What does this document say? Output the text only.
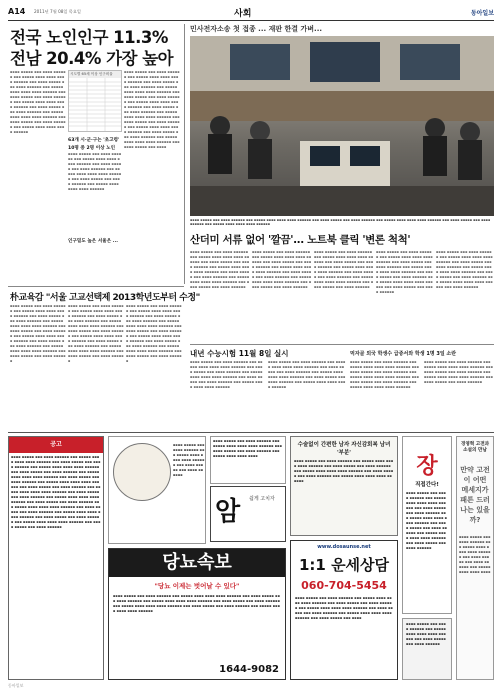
A14 2011년 7월 08일 목요일	사회	동아일보
전국 노인인구 11.3%
전남 20.4% 가장 높아
▪▪▪▪ ▪▪▪▪▪ ▪▪▪ ▪▪▪▪ ▪▪▪▪▪▪ ▪▪▪ ▪▪▪▪▪ ▪▪▪▪ ▪▪▪▪ ▪▪▪▪ ▪▪▪▪▪▪ ▪▪▪ ▪▪▪▪ ▪▪▪▪▪ ▪▪▪ ▪▪▪▪ ▪▪▪▪▪▪ ▪▪▪ ▪▪▪▪▪ ▪▪▪▪ ▪▪▪▪ ▪▪▪▪ ▪▪▪▪▪▪ ▪▪▪ ▪▪▪▪ ▪▪▪▪▪ ▪▪▪ ▪▪▪▪ ▪▪▪▪▪▪ ▪▪▪ ▪▪▪▪▪ ▪▪▪▪ ▪▪▪▪ ▪▪▪▪ ▪▪▪▪▪▪ ▪▪▪ ▪▪▪▪ ▪▪▪▪▪ ▪▪▪ ▪▪▪▪ ▪▪▪▪▪▪ ▪▪▪ ▪▪▪▪▪ ▪▪▪▪ ▪▪▪▪ ▪▪▪▪ ▪▪▪▪▪▪ ▪▪▪ ▪▪▪▪ ▪▪▪▪▪ ▪▪▪ ▪▪▪▪ ▪▪▪▪▪▪ ▪▪▪ ▪▪▪▪▪ ▪▪▪▪ ▪▪▪▪ ▪▪▪▪ ▪▪▪▪▪▪
▪▪▪▪ ▪▪▪▪▪ ▪▪▪ ▪▪▪▪ ▪▪▪▪▪▪ ▪▪▪ ▪▪▪▪▪ ▪▪▪▪ ▪▪▪▪ ▪▪▪▪ ▪▪▪▪▪▪ ▪▪▪ ▪▪▪▪ ▪▪▪▪▪ ▪▪▪ ▪▪▪▪ ▪▪▪▪▪▪ ▪▪▪ ▪▪▪▪▪ ▪▪▪▪ ▪▪▪▪ ▪▪▪▪ ▪▪▪▪▪▪ ▪▪▪ ▪▪▪▪ ▪▪▪▪▪ ▪▪▪ ▪▪▪▪ ▪▪▪▪▪▪ ▪▪▪ ▪▪▪▪▪ ▪▪▪▪ ▪▪▪▪ ▪▪▪▪ ▪▪▪▪▪▪
시도별 65세 이상 인구비율
63개 시·군·구는 '초고령'
10명 중 2명 이상 노인
인구밀도 높은 서울은 ...
▪▪▪▪ ▪▪▪▪▪ ▪▪▪ ▪▪▪▪ ▪▪▪▪▪▪ ▪▪▪ ▪▪▪▪▪ ▪▪▪▪ ▪▪▪▪ ▪▪▪▪ ▪▪▪▪▪▪ ▪▪▪ ▪▪▪▪ ▪▪▪▪▪ ▪▪▪ ▪▪▪▪ ▪▪▪▪▪▪ ▪▪▪ ▪▪▪▪▪ ▪▪▪▪ ▪▪▪▪ ▪▪▪▪ ▪▪▪▪▪▪ ▪▪▪ ▪▪▪▪ ▪▪▪▪▪ ▪▪▪ ▪▪▪▪ ▪▪▪▪▪▪ ▪▪▪ ▪▪▪▪▪ ▪▪▪▪ ▪▪▪▪ ▪▪▪▪ ▪▪▪▪▪▪ ▪▪▪ ▪▪▪▪ ▪▪▪▪▪ ▪▪▪ ▪▪▪▪ ▪▪▪▪▪▪ ▪▪▪ ▪▪▪▪▪ ▪▪▪▪ ▪▪▪▪ ▪▪▪▪ ▪▪▪▪▪▪ ▪▪▪ ▪▪▪▪ ▪▪▪▪▪ ▪▪▪ ▪▪▪▪ ▪▪▪▪▪▪ ▪▪▪ ▪▪▪▪▪ ▪▪▪▪ ▪▪▪▪ ▪▪▪▪ ▪▪▪▪▪▪ ▪▪▪ ▪▪▪▪ ▪▪▪▪▪ ▪▪▪ ▪▪▪▪ ▪▪▪▪▪▪ ▪▪▪ ▪▪▪▪▪ ▪▪▪▪ ▪▪▪▪ ▪▪▪▪ ▪▪▪▪▪▪ ▪▪▪ ▪▪▪▪ ▪▪▪▪▪ ▪▪▪ ▪▪▪▪
민사전자소송 첫 접종 ... 재판 한결 가벼...
▪▪▪▪ ▪▪▪▪▪ ▪▪▪ ▪▪▪▪ ▪▪▪▪▪▪ ▪▪▪ ▪▪▪▪▪ ▪▪▪▪ ▪▪▪▪ ▪▪▪▪ ▪▪▪▪▪▪ ▪▪▪ ▪▪▪▪ ▪▪▪▪▪ ▪▪▪ ▪▪▪▪ ▪▪▪▪▪▪ ▪▪▪ ▪▪▪▪▪ ▪▪▪▪ ▪▪▪▪ ▪▪▪▪ ▪▪▪▪▪▪ ▪▪▪ ▪▪▪▪ ▪▪▪▪▪ ▪▪▪ ▪▪▪▪ ▪▪▪▪▪▪ ▪▪▪ ▪▪▪▪▪ ▪▪▪▪ ▪▪▪▪ ▪▪▪▪ ▪▪▪▪▪▪
산더미 서류 없어 '깔끔'... 노트북 클릭 '변론 척척'
▪▪▪▪ ▪▪▪▪▪ ▪▪▪ ▪▪▪▪ ▪▪▪▪▪▪ ▪▪▪ ▪▪▪▪▪ ▪▪▪▪ ▪▪▪▪ ▪▪▪▪ ▪▪▪▪▪▪ ▪▪▪ ▪▪▪▪ ▪▪▪▪▪ ▪▪▪ ▪▪▪▪ ▪▪▪▪▪▪ ▪▪▪ ▪▪▪▪▪ ▪▪▪▪ ▪▪▪▪ ▪▪▪▪ ▪▪▪▪▪▪ ▪▪▪ ▪▪▪▪ ▪▪▪▪▪ ▪▪▪ ▪▪▪▪ ▪▪▪▪▪▪ ▪▪▪ ▪▪▪▪▪ ▪▪▪▪ ▪▪▪▪ ▪▪▪▪ ▪▪▪▪▪▪ ▪▪▪ ▪▪▪▪ ▪▪▪▪▪ ▪▪▪ ▪▪▪▪ ▪▪▪▪▪▪
▪▪▪▪ ▪▪▪▪▪ ▪▪▪ ▪▪▪▪ ▪▪▪▪▪▪ ▪▪▪ ▪▪▪▪▪ ▪▪▪▪ ▪▪▪▪ ▪▪▪▪ ▪▪▪▪▪▪ ▪▪▪ ▪▪▪▪ ▪▪▪▪▪ ▪▪▪ ▪▪▪▪ ▪▪▪▪▪▪ ▪▪▪ ▪▪▪▪▪ ▪▪▪▪ ▪▪▪▪ ▪▪▪▪ ▪▪▪▪▪▪ ▪▪▪ ▪▪▪▪ ▪▪▪▪▪ ▪▪▪ ▪▪▪▪ ▪▪▪▪▪▪ ▪▪▪ ▪▪▪▪▪ ▪▪▪▪ ▪▪▪▪ ▪▪▪▪ ▪▪▪▪▪▪ ▪▪▪ ▪▪▪▪ ▪▪▪▪▪ ▪▪▪ ▪▪▪▪ ▪▪▪▪▪▪
▪▪▪▪ ▪▪▪▪▪ ▪▪▪ ▪▪▪▪ ▪▪▪▪▪▪ ▪▪▪ ▪▪▪▪▪ ▪▪▪▪ ▪▪▪▪ ▪▪▪▪ ▪▪▪▪▪▪ ▪▪▪ ▪▪▪▪ ▪▪▪▪▪ ▪▪▪ ▪▪▪▪ ▪▪▪▪▪▪ ▪▪▪ ▪▪▪▪▪ ▪▪▪▪ ▪▪▪▪ ▪▪▪▪ ▪▪▪▪▪▪ ▪▪▪ ▪▪▪▪ ▪▪▪▪▪ ▪▪▪ ▪▪▪▪ ▪▪▪▪▪▪ ▪▪▪ ▪▪▪▪▪ ▪▪▪▪ ▪▪▪▪ ▪▪▪▪ ▪▪▪▪▪▪ ▪▪▪ ▪▪▪▪ ▪▪▪▪▪ ▪▪▪ ▪▪▪▪ ▪▪▪▪▪▪
▪▪▪▪ ▪▪▪▪▪ ▪▪▪ ▪▪▪▪ ▪▪▪▪▪▪ ▪▪▪ ▪▪▪▪▪ ▪▪▪▪ ▪▪▪▪ ▪▪▪▪ ▪▪▪▪▪▪ ▪▪▪ ▪▪▪▪ ▪▪▪▪▪ ▪▪▪ ▪▪▪▪ ▪▪▪▪▪▪ ▪▪▪ ▪▪▪▪▪ ▪▪▪▪ ▪▪▪▪ ▪▪▪▪ ▪▪▪▪▪▪ ▪▪▪ ▪▪▪▪ ▪▪▪▪▪ ▪▪▪ ▪▪▪▪ ▪▪▪▪▪▪ ▪▪▪ ▪▪▪▪▪ ▪▪▪▪ ▪▪▪▪ ▪▪▪▪ ▪▪▪▪▪▪ ▪▪▪ ▪▪▪▪ ▪▪▪▪▪ ▪▪▪ ▪▪▪▪ ▪▪▪▪▪▪
▪▪▪▪ ▪▪▪▪▪ ▪▪▪ ▪▪▪▪ ▪▪▪▪▪▪ ▪▪▪ ▪▪▪▪▪ ▪▪▪▪ ▪▪▪▪ ▪▪▪▪ ▪▪▪▪▪▪ ▪▪▪ ▪▪▪▪ ▪▪▪▪▪ ▪▪▪ ▪▪▪▪ ▪▪▪▪▪▪ ▪▪▪ ▪▪▪▪▪ ▪▪▪▪ ▪▪▪▪ ▪▪▪▪ ▪▪▪▪▪▪ ▪▪▪ ▪▪▪▪ ▪▪▪▪▪ ▪▪▪ ▪▪▪▪ ▪▪▪▪▪▪ ▪▪▪ ▪▪▪▪▪ ▪▪▪▪ ▪▪▪▪ ▪▪▪▪ ▪▪▪▪▪▪ ▪▪▪ ▪▪▪▪ ▪▪▪▪▪▪
朴교육감 "서울 고교선택제 2013학년도부터 수정"
▪▪▪▪ ▪▪▪▪▪ ▪▪▪ ▪▪▪▪ ▪▪▪▪▪▪ ▪▪▪ ▪▪▪▪▪ ▪▪▪▪ ▪▪▪▪ ▪▪▪▪ ▪▪▪▪▪▪ ▪▪▪ ▪▪▪▪ ▪▪▪▪▪ ▪▪▪ ▪▪▪▪ ▪▪▪▪▪▪ ▪▪▪ ▪▪▪▪▪ ▪▪▪▪ ▪▪▪▪ ▪▪▪▪ ▪▪▪▪▪▪ ▪▪▪ ▪▪▪▪ ▪▪▪▪▪ ▪▪▪ ▪▪▪▪ ▪▪▪▪▪▪ ▪▪▪ ▪▪▪▪▪ ▪▪▪▪ ▪▪▪▪ ▪▪▪▪ ▪▪▪▪▪▪ ▪▪▪ ▪▪▪▪ ▪▪▪▪▪ ▪▪▪ ▪▪▪▪ ▪▪▪▪▪▪ ▪▪▪ ▪▪▪▪▪ ▪▪▪▪ ▪▪▪▪ ▪▪▪▪ ▪▪▪▪▪▪ ▪▪▪ ▪▪▪▪ ▪▪▪▪▪ ▪▪▪ ▪▪▪▪ ▪▪▪▪▪▪
▪▪▪▪ ▪▪▪▪▪ ▪▪▪ ▪▪▪▪ ▪▪▪▪▪▪ ▪▪▪ ▪▪▪▪▪ ▪▪▪▪ ▪▪▪▪ ▪▪▪▪ ▪▪▪▪▪▪ ▪▪▪ ▪▪▪▪ ▪▪▪▪▪ ▪▪▪ ▪▪▪▪ ▪▪▪▪▪▪ ▪▪▪ ▪▪▪▪▪ ▪▪▪▪ ▪▪▪▪ ▪▪▪▪ ▪▪▪▪▪▪ ▪▪▪ ▪▪▪▪ ▪▪▪▪▪ ▪▪▪ ▪▪▪▪ ▪▪▪▪▪▪ ▪▪▪ ▪▪▪▪▪ ▪▪▪▪ ▪▪▪▪ ▪▪▪▪ ▪▪▪▪▪▪ ▪▪▪ ▪▪▪▪ ▪▪▪▪▪ ▪▪▪ ▪▪▪▪ ▪▪▪▪▪▪ ▪▪▪ ▪▪▪▪▪ ▪▪▪▪ ▪▪▪▪ ▪▪▪▪ ▪▪▪▪▪▪ ▪▪▪ ▪▪▪▪ ▪▪▪▪▪ ▪▪▪ ▪▪▪▪ ▪▪▪▪▪▪
▪▪▪▪ ▪▪▪▪▪ ▪▪▪ ▪▪▪▪ ▪▪▪▪▪▪ ▪▪▪ ▪▪▪▪▪ ▪▪▪▪ ▪▪▪▪ ▪▪▪▪ ▪▪▪▪▪▪ ▪▪▪ ▪▪▪▪ ▪▪▪▪▪ ▪▪▪ ▪▪▪▪ ▪▪▪▪▪▪ ▪▪▪ ▪▪▪▪▪ ▪▪▪▪ ▪▪▪▪ ▪▪▪▪ ▪▪▪▪▪▪ ▪▪▪ ▪▪▪▪ ▪▪▪▪▪ ▪▪▪ ▪▪▪▪ ▪▪▪▪▪▪ ▪▪▪ ▪▪▪▪▪ ▪▪▪▪ ▪▪▪▪ ▪▪▪▪ ▪▪▪▪▪▪ ▪▪▪ ▪▪▪▪ ▪▪▪▪▪ ▪▪▪ ▪▪▪▪ ▪▪▪▪▪▪ ▪▪▪ ▪▪▪▪▪ ▪▪▪▪ ▪▪▪▪ ▪▪▪▪ ▪▪▪▪▪▪ ▪▪▪ ▪▪▪▪ ▪▪▪▪▪ ▪▪▪ ▪▪▪▪ ▪▪▪▪▪▪
내년 수능시험 11월 8일 실시	먹자골 외국 학생수 급증서와 학생 1명 3일 소란
▪▪▪▪ ▪▪▪▪▪ ▪▪▪ ▪▪▪▪ ▪▪▪▪▪▪ ▪▪▪ ▪▪▪▪▪ ▪▪▪▪ ▪▪▪▪ ▪▪▪▪ ▪▪▪▪▪▪ ▪▪▪ ▪▪▪▪ ▪▪▪▪▪ ▪▪▪ ▪▪▪▪ ▪▪▪▪▪▪ ▪▪▪ ▪▪▪▪▪ ▪▪▪▪ ▪▪▪▪ ▪▪▪▪ ▪▪▪▪▪▪ ▪▪▪ ▪▪▪▪ ▪▪▪▪▪ ▪▪▪ ▪▪▪▪ ▪▪▪▪▪▪ ▪▪▪ ▪▪▪▪▪ ▪▪▪▪ ▪▪▪▪ ▪▪▪▪ ▪▪▪▪▪▪
▪▪▪▪ ▪▪▪▪▪ ▪▪▪ ▪▪▪▪ ▪▪▪▪▪▪ ▪▪▪ ▪▪▪▪▪ ▪▪▪▪ ▪▪▪▪ ▪▪▪▪ ▪▪▪▪▪▪ ▪▪▪ ▪▪▪▪ ▪▪▪▪▪ ▪▪▪ ▪▪▪▪ ▪▪▪▪▪▪ ▪▪▪ ▪▪▪▪▪ ▪▪▪▪ ▪▪▪▪ ▪▪▪▪ ▪▪▪▪▪▪ ▪▪▪ ▪▪▪▪ ▪▪▪▪▪ ▪▪▪ ▪▪▪▪ ▪▪▪▪▪▪ ▪▪▪ ▪▪▪▪▪ ▪▪▪▪ ▪▪▪▪ ▪▪▪▪ ▪▪▪▪▪▪
▪▪▪▪ ▪▪▪▪▪ ▪▪▪ ▪▪▪▪ ▪▪▪▪▪▪ ▪▪▪ ▪▪▪▪▪ ▪▪▪▪ ▪▪▪▪ ▪▪▪▪ ▪▪▪▪▪▪ ▪▪▪ ▪▪▪▪ ▪▪▪▪▪ ▪▪▪ ▪▪▪▪ ▪▪▪▪▪▪ ▪▪▪ ▪▪▪▪▪ ▪▪▪▪ ▪▪▪▪ ▪▪▪▪ ▪▪▪▪▪▪ ▪▪▪ ▪▪▪▪ ▪▪▪▪▪ ▪▪▪ ▪▪▪▪ ▪▪▪▪▪▪ ▪▪▪ ▪▪▪▪▪ ▪▪▪▪ ▪▪▪▪ ▪▪▪▪ ▪▪▪▪▪▪
▪▪▪▪ ▪▪▪▪▪ ▪▪▪ ▪▪▪▪ ▪▪▪▪▪▪ ▪▪▪ ▪▪▪▪▪ ▪▪▪▪ ▪▪▪▪ ▪▪▪▪ ▪▪▪▪▪▪ ▪▪▪ ▪▪▪▪ ▪▪▪▪▪ ▪▪▪ ▪▪▪▪ ▪▪▪▪▪▪ ▪▪▪ ▪▪▪▪▪ ▪▪▪▪ ▪▪▪▪ ▪▪▪▪ ▪▪▪▪▪▪ ▪▪▪ ▪▪▪▪ ▪▪▪▪▪ ▪▪▪ ▪▪▪▪ ▪▪▪▪▪▪
공고
▪▪▪▪ ▪▪▪▪▪ ▪▪▪ ▪▪▪▪ ▪▪▪▪▪▪ ▪▪▪ ▪▪▪▪▪ ▪▪▪▪ ▪▪▪▪ ▪▪▪▪ ▪▪▪▪▪▪ ▪▪▪ ▪▪▪▪ ▪▪▪▪▪ ▪▪▪ ▪▪▪▪ ▪▪▪▪▪▪ ▪▪▪ ▪▪▪▪▪ ▪▪▪▪ ▪▪▪▪ ▪▪▪▪ ▪▪▪▪▪▪ ▪▪▪ ▪▪▪▪ ▪▪▪▪▪ ▪▪▪ ▪▪▪▪ ▪▪▪▪▪▪ ▪▪▪ ▪▪▪▪▪ ▪▪▪▪ ▪▪▪▪ ▪▪▪▪ ▪▪▪▪▪▪ ▪▪▪ ▪▪▪▪ ▪▪▪▪▪ ▪▪▪ ▪▪▪▪ ▪▪▪▪▪▪ ▪▪▪ ▪▪▪▪▪ ▪▪▪▪ ▪▪▪▪ ▪▪▪▪ ▪▪▪▪▪▪ ▪▪▪ ▪▪▪▪ ▪▪▪▪▪ ▪▪▪ ▪▪▪▪ ▪▪▪▪▪▪ ▪▪▪ ▪▪▪▪▪ ▪▪▪▪ ▪▪▪▪ ▪▪▪▪ ▪▪▪▪▪▪ ▪▪▪ ▪▪▪▪ ▪▪▪▪▪ ▪▪▪ ▪▪▪▪ ▪▪▪▪▪▪ ▪▪▪ ▪▪▪▪▪ ▪▪▪▪ ▪▪▪▪ ▪▪▪▪ ▪▪▪▪▪▪ ▪▪▪ ▪▪▪▪ ▪▪▪▪▪ ▪▪▪ ▪▪▪▪ ▪▪▪▪▪▪ ▪▪▪ ▪▪▪▪▪ ▪▪▪▪ ▪▪▪▪ ▪▪▪▪ ▪▪▪▪▪▪ ▪▪▪ ▪▪▪▪ ▪▪▪▪▪ ▪▪▪ ▪▪▪▪ ▪▪▪▪▪▪ ▪▪▪ ▪▪▪▪▪ ▪▪▪▪ ▪▪▪▪ ▪▪▪▪ ▪▪▪▪▪▪ ▪▪▪ ▪▪▪▪ ▪▪▪▪▪ ▪▪▪ ▪▪▪▪ ▪▪▪▪▪▪ ▪▪▪ ▪▪▪▪▪ ▪▪▪▪ ▪▪▪▪ ▪▪▪▪ ▪▪▪▪▪▪ ▪▪▪ ▪▪▪▪ ▪▪▪▪▪ ▪▪▪ ▪▪▪▪ ▪▪▪▪▪▪
▪▪▪▪ ▪▪▪▪▪ ▪▪▪ ▪▪▪▪ ▪▪▪▪▪▪ ▪▪▪ ▪▪▪▪▪ ▪▪▪▪ ▪▪▪▪ ▪▪▪▪ ▪▪▪▪▪▪ ▪▪▪ ▪▪▪▪ ▪▪▪▪▪ ▪▪▪ ▪▪▪▪ ▪▪▪▪▪▪
암 쉽게 고치자
▪▪▪▪ ▪▪▪▪▪ ▪▪▪ ▪▪▪▪ ▪▪▪▪▪▪ ▪▪▪ ▪▪▪▪▪ ▪▪▪▪ ▪▪▪▪ ▪▪▪▪ ▪▪▪▪▪▪ ▪▪▪ ▪▪▪▪ ▪▪▪▪▪ ▪▪▪ ▪▪▪▪ ▪▪▪▪▪▪ ▪▪▪ ▪▪▪▪▪ ▪▪▪▪ ▪▪▪▪ ▪▪▪▪
당뇨속보
"당뇨 이제는 벗어날 수 있다"
▪▪▪▪ ▪▪▪▪▪ ▪▪▪ ▪▪▪▪ ▪▪▪▪▪▪ ▪▪▪ ▪▪▪▪▪ ▪▪▪▪ ▪▪▪▪ ▪▪▪▪ ▪▪▪▪▪▪ ▪▪▪ ▪▪▪▪ ▪▪▪▪▪ ▪▪▪ ▪▪▪▪ ▪▪▪▪▪▪ ▪▪▪ ▪▪▪▪▪ ▪▪▪▪ ▪▪▪▪ ▪▪▪▪ ▪▪▪▪▪▪ ▪▪▪ ▪▪▪▪ ▪▪▪▪▪ ▪▪▪ ▪▪▪▪ ▪▪▪▪▪▪ ▪▪▪ ▪▪▪▪▪ ▪▪▪▪ ▪▪▪▪ ▪▪▪▪ ▪▪▪▪▪▪ ▪▪▪ ▪▪▪▪ ▪▪▪▪▪ ▪▪▪ ▪▪▪▪ ▪▪▪▪▪▪ ▪▪▪ ▪▪▪▪▪ ▪▪▪▪ ▪▪▪▪ ▪▪▪▪ ▪▪▪▪▪▪
1644-9082
수술없이 간편한 남자 자신감회복 남녀 '부분'
▪▪▪▪ ▪▪▪▪▪ ▪▪▪ ▪▪▪▪ ▪▪▪▪▪▪ ▪▪▪ ▪▪▪▪▪ ▪▪▪▪ ▪▪▪▪ ▪▪▪▪ ▪▪▪▪▪▪ ▪▪▪ ▪▪▪▪ ▪▪▪▪▪ ▪▪▪ ▪▪▪▪ ▪▪▪▪▪▪ ▪▪▪ ▪▪▪▪▪ ▪▪▪▪ ▪▪▪▪ ▪▪▪▪ ▪▪▪▪▪▪ ▪▪▪ ▪▪▪▪ ▪▪▪▪▪ ▪▪▪ ▪▪▪▪ ▪▪▪▪▪▪ ▪▪▪ ▪▪▪▪▪ ▪▪▪▪ ▪▪▪▪ ▪▪▪▪ ▪▪▪▪▪▪
www.dosaunse.net
1:1 운세상담
060-704-5454
▪▪▪▪ ▪▪▪▪▪ ▪▪▪ ▪▪▪▪ ▪▪▪▪▪▪ ▪▪▪ ▪▪▪▪▪ ▪▪▪▪ ▪▪▪▪ ▪▪▪▪ ▪▪▪▪▪▪ ▪▪▪ ▪▪▪▪ ▪▪▪▪▪ ▪▪▪ ▪▪▪▪ ▪▪▪▪▪▪ ▪▪▪ ▪▪▪▪▪ ▪▪▪▪ ▪▪▪▪ ▪▪▪▪ ▪▪▪▪▪▪ ▪▪▪ ▪▪▪▪ ▪▪▪▪▪ ▪▪▪ ▪▪▪▪ ▪▪▪▪▪▪ ▪▪▪ ▪▪▪▪▪ ▪▪▪▪ ▪▪▪▪ ▪▪▪▪ ▪▪▪▪▪▪ ▪▪▪ ▪▪▪▪ ▪▪▪▪▪ ▪▪▪ ▪▪▪▪
장
직접간다!
▪▪▪▪ ▪▪▪▪▪ ▪▪▪ ▪▪▪▪ ▪▪▪▪▪▪ ▪▪▪ ▪▪▪▪▪ ▪▪▪▪ ▪▪▪▪ ▪▪▪▪ ▪▪▪▪▪▪ ▪▪▪ ▪▪▪▪ ▪▪▪▪▪ ▪▪▪ ▪▪▪▪ ▪▪▪▪▪▪ ▪▪▪ ▪▪▪▪▪ ▪▪▪▪ ▪▪▪▪ ▪▪▪▪ ▪▪▪▪▪▪ ▪▪▪ ▪▪▪▪ ▪▪▪▪▪ ▪▪▪ ▪▪▪▪ ▪▪▪▪▪▪ ▪▪▪ ▪▪▪▪▪ ▪▪▪▪ ▪▪▪▪ ▪▪▪▪ ▪▪▪▪▪▪ ▪▪▪ ▪▪▪▪ ▪▪▪▪▪ ▪▪▪ ▪▪▪▪ ▪▪▪▪▪▪
▪▪▪▪ ▪▪▪▪▪ ▪▪▪ ▪▪▪▪ ▪▪▪▪▪▪ ▪▪▪ ▪▪▪▪▪ ▪▪▪▪ ▪▪▪▪ ▪▪▪▪ ▪▪▪▪▪▪ ▪▪▪ ▪▪▪▪ ▪▪▪▪▪ ▪▪▪ ▪▪▪▪ ▪▪▪▪▪▪
경영혁 고전과 소설의 만남
만약 고전이 어떤 메세지가 패튼 드러나는 있을까?
▪▪▪▪ ▪▪▪▪▪ ▪▪▪ ▪▪▪▪ ▪▪▪▪▪▪ ▪▪▪ ▪▪▪▪▪ ▪▪▪▪ ▪▪▪▪ ▪▪▪▪ ▪▪▪▪▪▪ ▪▪▪ ▪▪▪▪ ▪▪▪▪▪ ▪▪▪ ▪▪▪▪ ▪▪▪▪▪▪ ▪▪▪ ▪▪▪▪▪ ▪▪▪▪ ▪▪▪▪ ▪▪▪▪
동아일보
